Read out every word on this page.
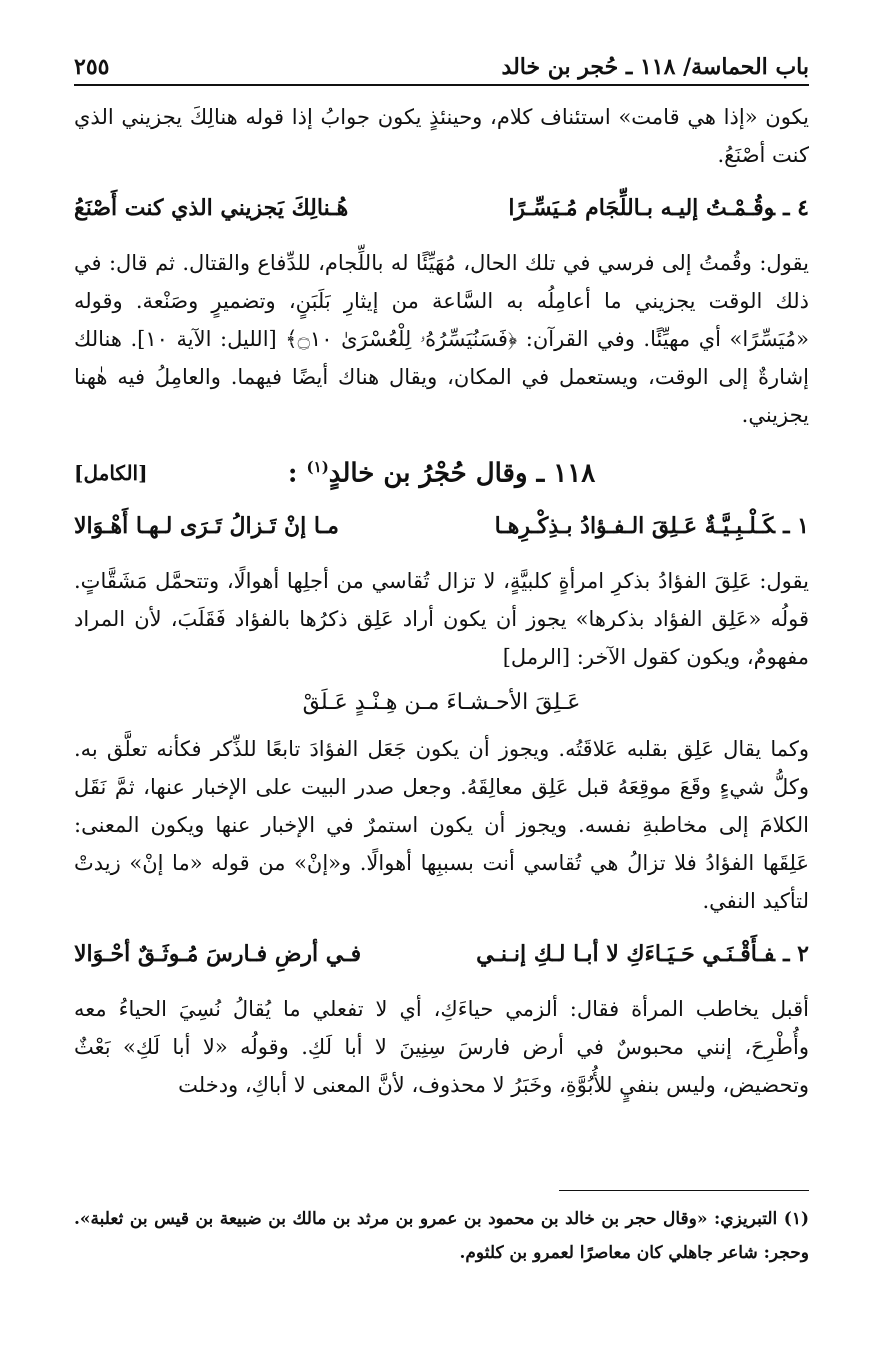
باب الحماسة/ ١١٨ ـ حُجر بن خالد
٢٥٥

يكون «إذا هي قامت» استئناف كلام، وحينئذٍ يكون جوابُ إذا قوله هنالِكَ يجزيني الذي كنت أصْنَعُ.

٤ ـوقُـمْـتُ إليـه بـاللِّجَام مُـيَسِّـرًا
هُـنالِكَ يَجزيني الذي كنت أَصْنَعُ

يقول: وقُمتُ إلى فرسي في تلك الحال، مُهَيِّئًا له باللِّجام، للدِّفاع والقتال. ثم قال: في ذلك الوقت يجزيني ما أعامِلُه به السَّاعة من إيثارِ بَلَبَنٍ، وتضميرٍ وصَنْعة. وقوله «مُيَسِّرًا» أي مهيِّئًا. وفي القرآن: ﴿فَسَنُيَسِّرُهُۥ لِلْعُسْرَىٰ ۝١٠﴾ [الليل: الآية ١٠]. هنالك إشارةٌ إلى الوقت، ويستعمل في المكان، ويقال هناك أيضًا فيهما. والعامِلُ فيه هٰهنا يجزيني.

١١٨ ـ وقال حُجْرُ بن خالدٍ$^{(١)}$ :
[الكامل]
١ ـكَـلْـبِـيَّـةٌ عَـلِقَ الـفـؤادُ بـذِكْـرِهـا
مـا إنْ تَـزالُ تَـرَى لـهـا أَهْـوَالا

يقول: عَلِقَ الفؤادُ بذكرِ امرأةٍ كلبيَّةٍ، لا تزال تُقاسي من أجلِها أهوالًا، وتتحمَّل مَشَقَّاتٍ. قولُه «عَلِق الفؤاد بذكرها» يجوز أن يكون أراد عَلِق ذكرُها بالفؤاد فَقَلَبَ، لأن المراد مفهومٌ، ويكون كقول الآخر: [الرمل]

عَـلِقَ الأحـشـاءَ مـن هِـنْـدٍ عَـلَقْ

وكما يقال عَلِق بقلبه عَلاقَتُه. ويجوز أن يكون جَعَل الفؤادَ تابعًا للذِّكر فكأنه تعلَّق به. وكلُّ شيءٍ وقَعَ موقِعَهُ قبل عَلِق معالِقَهُ. وجعل صدر البيت على الإخبار عنها، ثمَّ نَقَل الكلامَ إلى مخاطبةِ نفسه. ويجوز أن يكون استمرٌ في الإخبار عنها ويكون المعنى: عَلِقَها الفؤادُ فلا تزالُ هي تُقاسي أنت بسببِها أهوالًا. و«إنْ» من قوله «ما إنْ» زيدتْ لتأكيد النفي.

٢ ـفـأَقْـنَـي حَـيَـاءَكِ لا أبـا لـكِ إنـنـي
فـي أرضِ فـارسَ مُـوثَـقٌ أحْـوَالا

أقبل يخاطب المرأة فقال: ألزمي حياءَكِ، أي لا تفعلي ما يُقالُ نُسِيَ الحياءُ معه وأُطْرِحَ، إنني محبوسٌ في أرض فارسَ سِنِينَ لا أبا لَكِ. وقولُه «لا أبا لَكِ» بَعْثٌ وتحضيض، وليس بنفيٍ للأُبُوَّةِ، وخَبَرُ لا محذوف، لأنَّ المعنى لا أباكِ، ودخلت

(١) التبريزي: «وقال حجر بن خالد بن محمود بن عمرو بن مرثد بن مالك بن ضبيعة بن قيس بن ثعلبة». وحجر: شاعر جاهلي كان معاصرًا لعمرو بن كلثوم.
